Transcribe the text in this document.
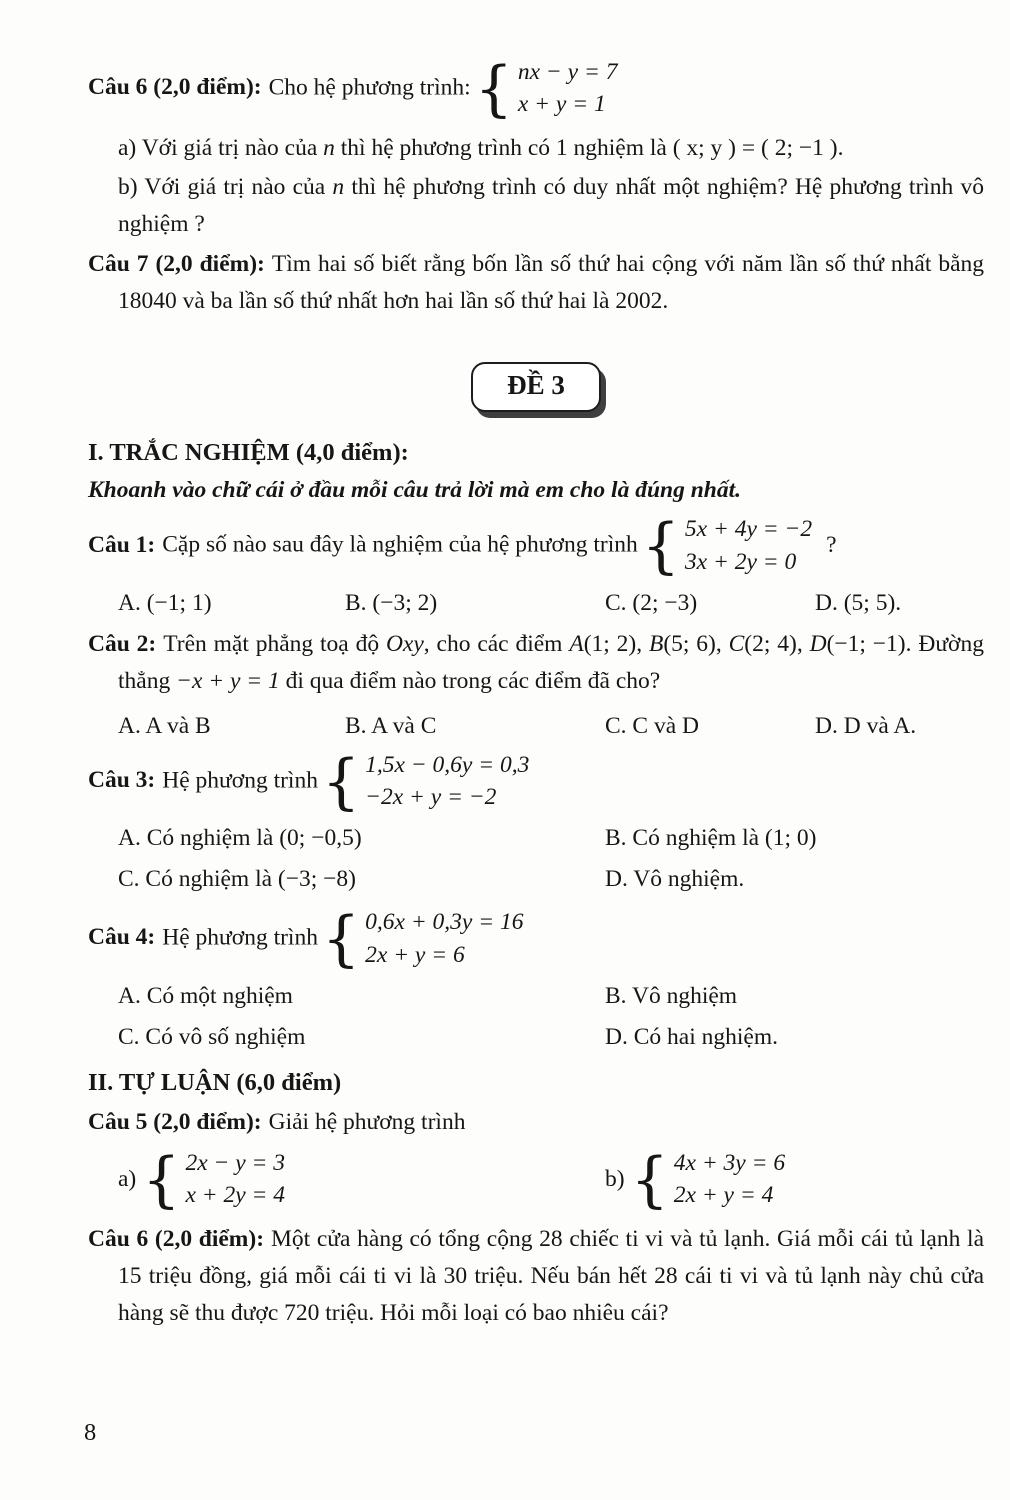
Câu 6 (2,0 điểm): Cho hệ phương trình: { nx − y = 7
x + y = 1
a) Với giá trị nào của n thì hệ phương trình có 1 nghiệm là ( x; y ) = ( 2; −1 ).
b) Với giá trị nào của n thì hệ phương trình có duy nhất một nghiệm? Hệ phương trình vô nghiệm ?
Câu 7 (2,0 điểm): Tìm hai số biết rằng bốn lần số thứ hai cộng với năm lần số thứ nhất bằng 18040 và ba lần số thứ nhất hơn hai lần số thứ hai là 2002.
ĐỀ 3
I. TRẮC NGHIỆM (4,0 điểm):
Khoanh vào chữ cái ở đầu mỗi câu trả lời mà em cho là đúng nhất.
Câu 1: Cặp số nào sau đây là nghiệm của hệ phương trình { 5x + 4y = −2
3x + 2y = 0
?
A. (−1; 1)	B. (−3; 2)	C. (2; −3)	D. (5; 5).
Câu 2: Trên mặt phẳng toạ độ Oxy, cho các điểm A(1; 2), B(5; 6), C(2; 4), D(−1; −1). Đường thẳng −x + y = 1 đi qua điểm nào trong các điểm đã cho?
A. A và B	B. A và C	C. C và D	D. D và A.
Câu 3: Hệ phương trình { 1,5x − 0,6y = 0,3
−2x + y = −2
A. Có nghiệm là (0; −0,5)	B. Có nghiệm là (1; 0)
C. Có nghiệm là (−3; −8)	D. Vô nghiệm.
Câu 4: Hệ phương trình { 0,6x + 0,3y = 16
2x + y = 6
A. Có một nghiệm	B. Vô nghiệm
C. Có vô số nghiệm	D. Có hai nghiệm.
II. TỰ LUẬN (6,0 điểm)
Câu 5 (2,0 điểm): Giải hệ phương trình
a) { 2x − y = 3
x + 2y = 4
b) { 4x + 3y = 6
2x + y = 4
Câu 6 (2,0 điểm): Một cửa hàng có tổng cộng 28 chiếc ti vi và tủ lạnh. Giá mỗi cái tủ lạnh là 15 triệu đồng, giá mỗi cái ti vi là 30 triệu. Nếu bán hết 28 cái ti vi và tủ lạnh này chủ cửa hàng sẽ thu được 720 triệu. Hỏi mỗi loại có bao nhiêu cái?
8
